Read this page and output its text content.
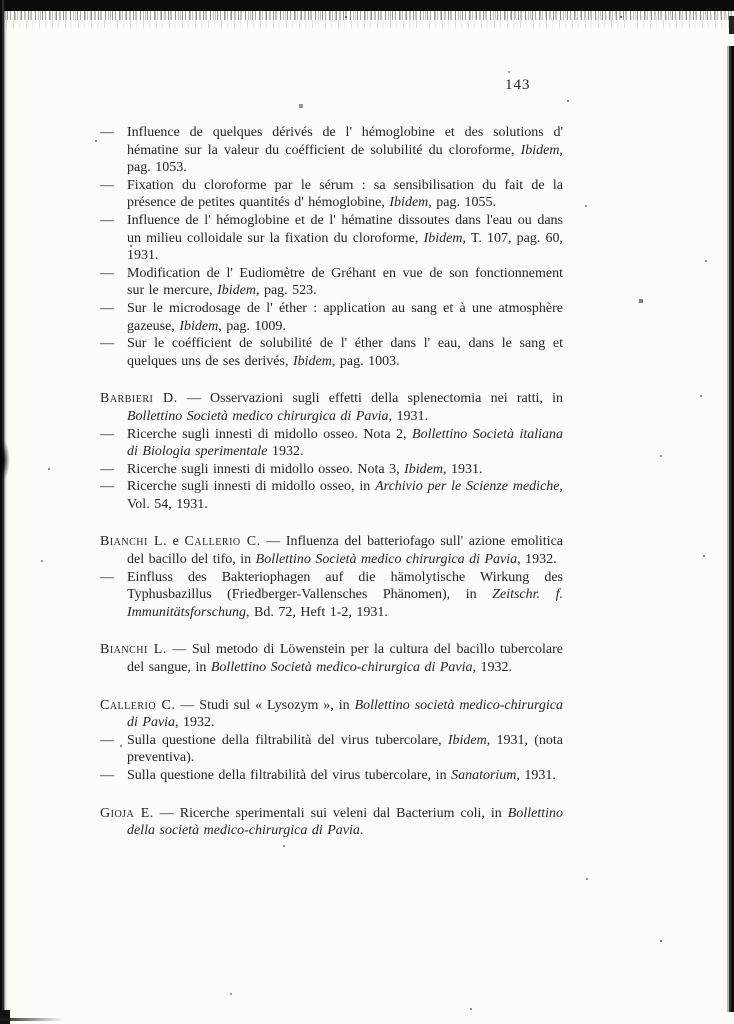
143

— Influence de quelques dérivés de l' hémoglobine et des solutions d' hématine sur la valeur du coéfficient de solubilité du cloroforme, Ibidem, pag. 1053.

— Fixation du cloroforme par le sérum : sa sensibilisation du fait de la présence de petites quantités d' hémoglobine, Ibidem, pag. 1055.

— Influence de l' hémoglobine et de l' hématine dissoutes dans l'eau ou dans un milieu colloidale sur la fixation du cloroforme, Ibidem, T. 107, pag. 60, 1931.

— Modification de l' Eudiomètre de Gréhant en vue de son fonctionnement sur le mercure, Ibidem, pag. 523.

— Sur le microdosage de l' éther : application au sang et à une atmosphère gazeuse, Ibidem, pag. 1009.

— Sur le coéfficient de solubilité de l' éther dans l' eau, dans le sang et quelques uns de ses derivés, Ibidem, pag. 1003.

Barbieri D. — Osservazioni sugli effetti della splenectomia nei ratti, in Bollettino Società medico chirurgica di Pavia, 1931.

— Ricerche sugli innesti di midollo osseo. Nota 2, Bollettino Società italiana di Biologia sperimentale 1932.

— Ricerche sugli innesti di midollo osseo. Nota 3, Ibidem, 1931.

— Ricerche sugli innesti di midollo osseo, in Archivio per le Scienze mediche, Vol. 54, 1931.

Bianchi L. e Callerio C. — Influenza del batteriofago sull' azione emolitica del bacillo del tifo, in Bollettino Società medico chirurgica di Pavia, 1932.

— Einfluss des Bakteriophagen auf die hämolytische Wirkung des Typhusbazillus (Friedberger-Vallensches Phänomen), in Zeitschr. f. Immunitätsforschung, Bd. 72, Heft 1-2, 1931.

Bianchi L. — Sul metodo di Löwenstein per la cultura del bacillo tubercolare del sangue, in Bollettino Società medico-chirurgica di Pavia, 1932.

Callerio C. — Studi sul « Lysozym », in Bollettino società medico-chirurgica di Pavia, 1932.

— Sulla questione della filtrabilità del virus tubercolare, Ibidem, 1931, (nota preventiva).

— Sulla questione della filtrabilità del virus tubercolare, in Sanatorium, 1931.

Gioja E. — Ricerche sperimentali sui veleni dal Bacterium coli, in Bollettino della società medico-chirurgica di Pavia.
